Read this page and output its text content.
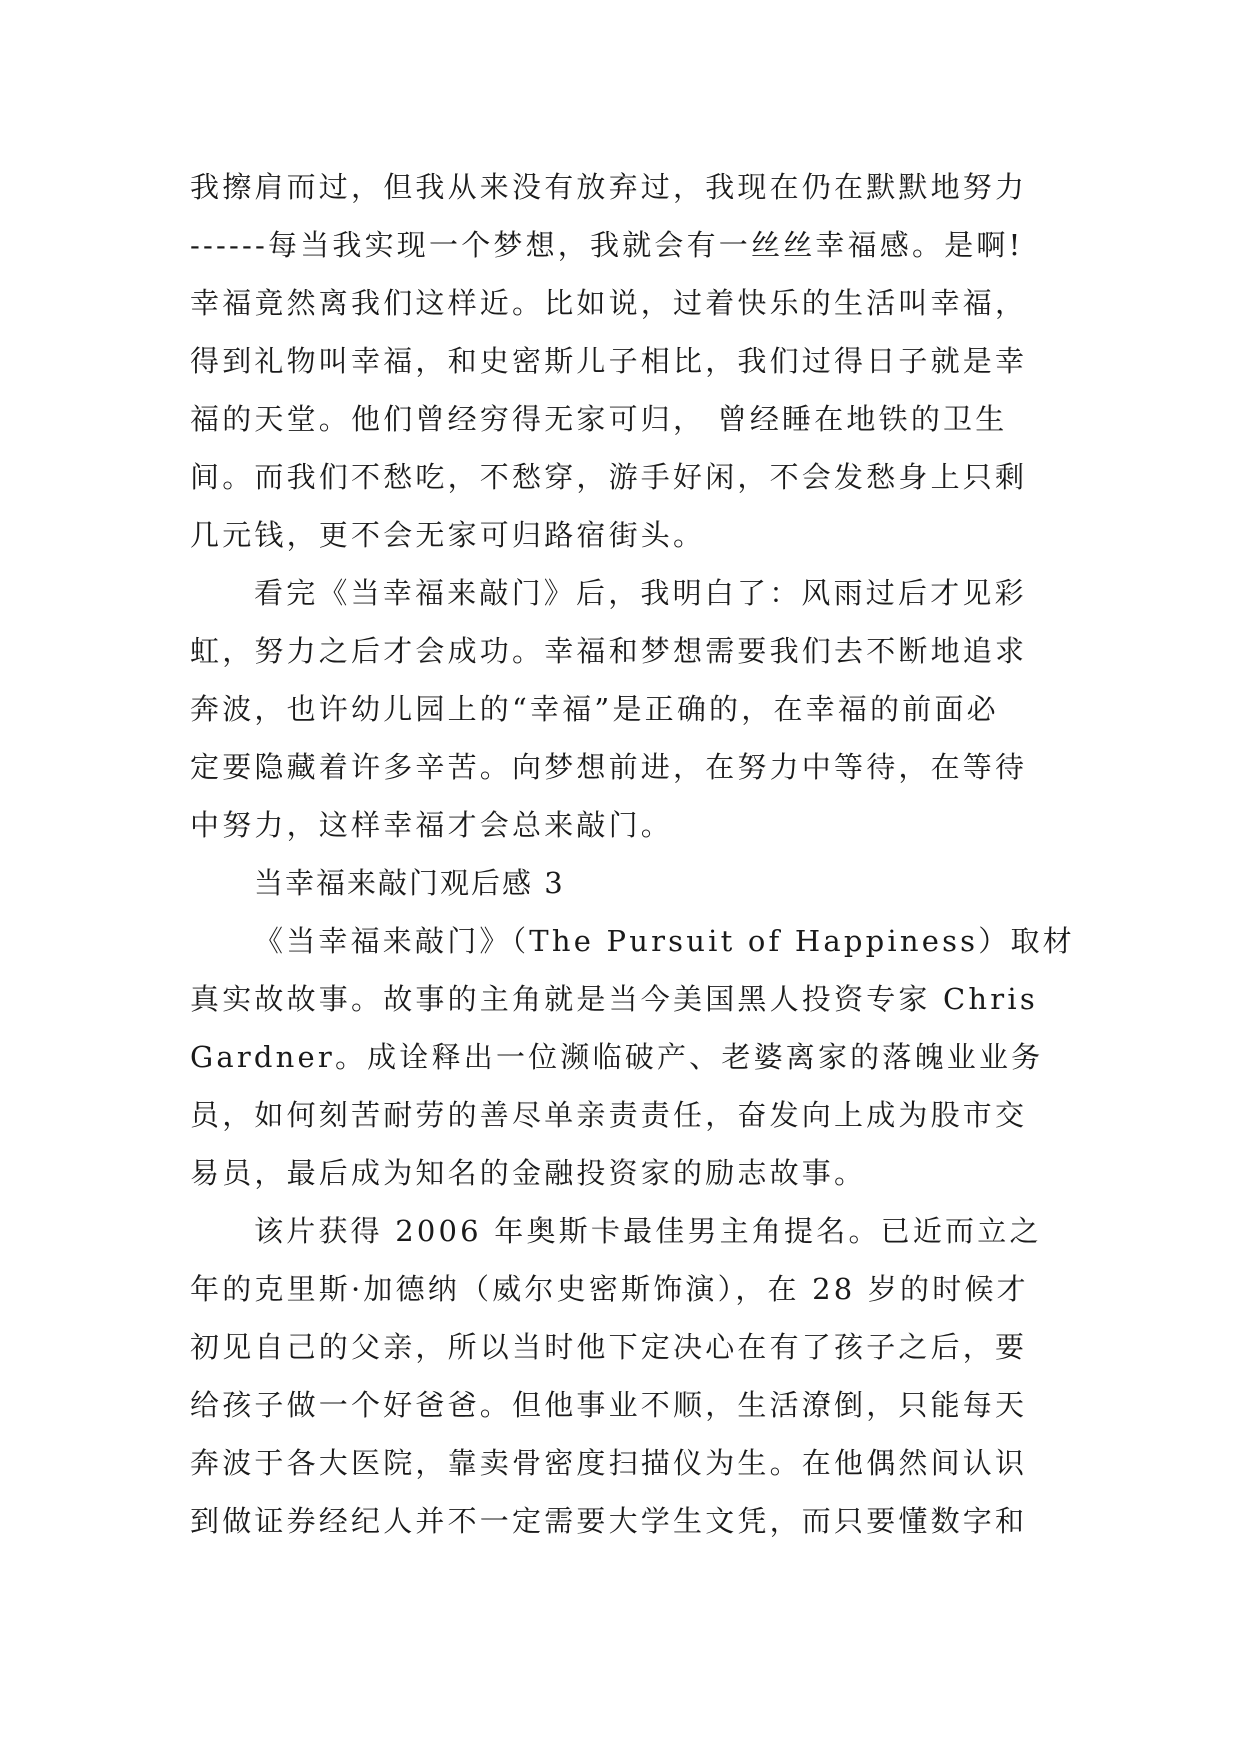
我擦肩而过，但我从来没有放弃过，我现在仍在默默地努力
------每当我实现一个梦想，我就会有一丝丝幸福感。是啊!
幸福竟然离我们这样近。比如说，过着快乐的生活叫幸福，
得到礼物叫幸福，和史密斯儿子相比，我们过得日子就是幸
福的天堂。他们曾经穷得无家可归， 曾经睡在地铁的卫生
间。而我们不愁吃，不愁穿，游手好闲，不会发愁身上只剩
几元钱，更不会无家可归路宿街头。
看完《当幸福来敲门》后，我明白了：风雨过后才见彩
虹，努力之后才会成功。幸福和梦想需要我们去不断地追求
奔波，也许幼儿园上的“幸福”是正确的，在幸福的前面必
定要隐藏着许多辛苦。向梦想前进，在努力中等待，在等待
中努力，这样幸福才会总来敲门。
当幸福来敲门观后感 3
《当幸福来敲门》（The Pursuit of Happiness）取材
真实故故事。故事的主角就是当今美国黑人投资专家 Chris
Gardner。成诠释出一位濒临破产、老婆离家的落魄业业务
员，如何刻苦耐劳的善尽单亲责责任，奋发向上成为股市交
易员，最后成为知名的金融投资家的励志故事。
该片获得 2006 年奥斯卡最佳男主角提名。已近而立之
年的克里斯·加德纳（威尔史密斯饰演），在 28 岁的时候才
初见自己的父亲，所以当时他下定决心在有了孩子之后，要
给孩子做一个好爸爸。但他事业不顺，生活潦倒，只能每天
奔波于各大医院，靠卖骨密度扫描仪为生。在他偶然间认识
到做证券经纪人并不一定需要大学生文凭，而只要懂数字和
